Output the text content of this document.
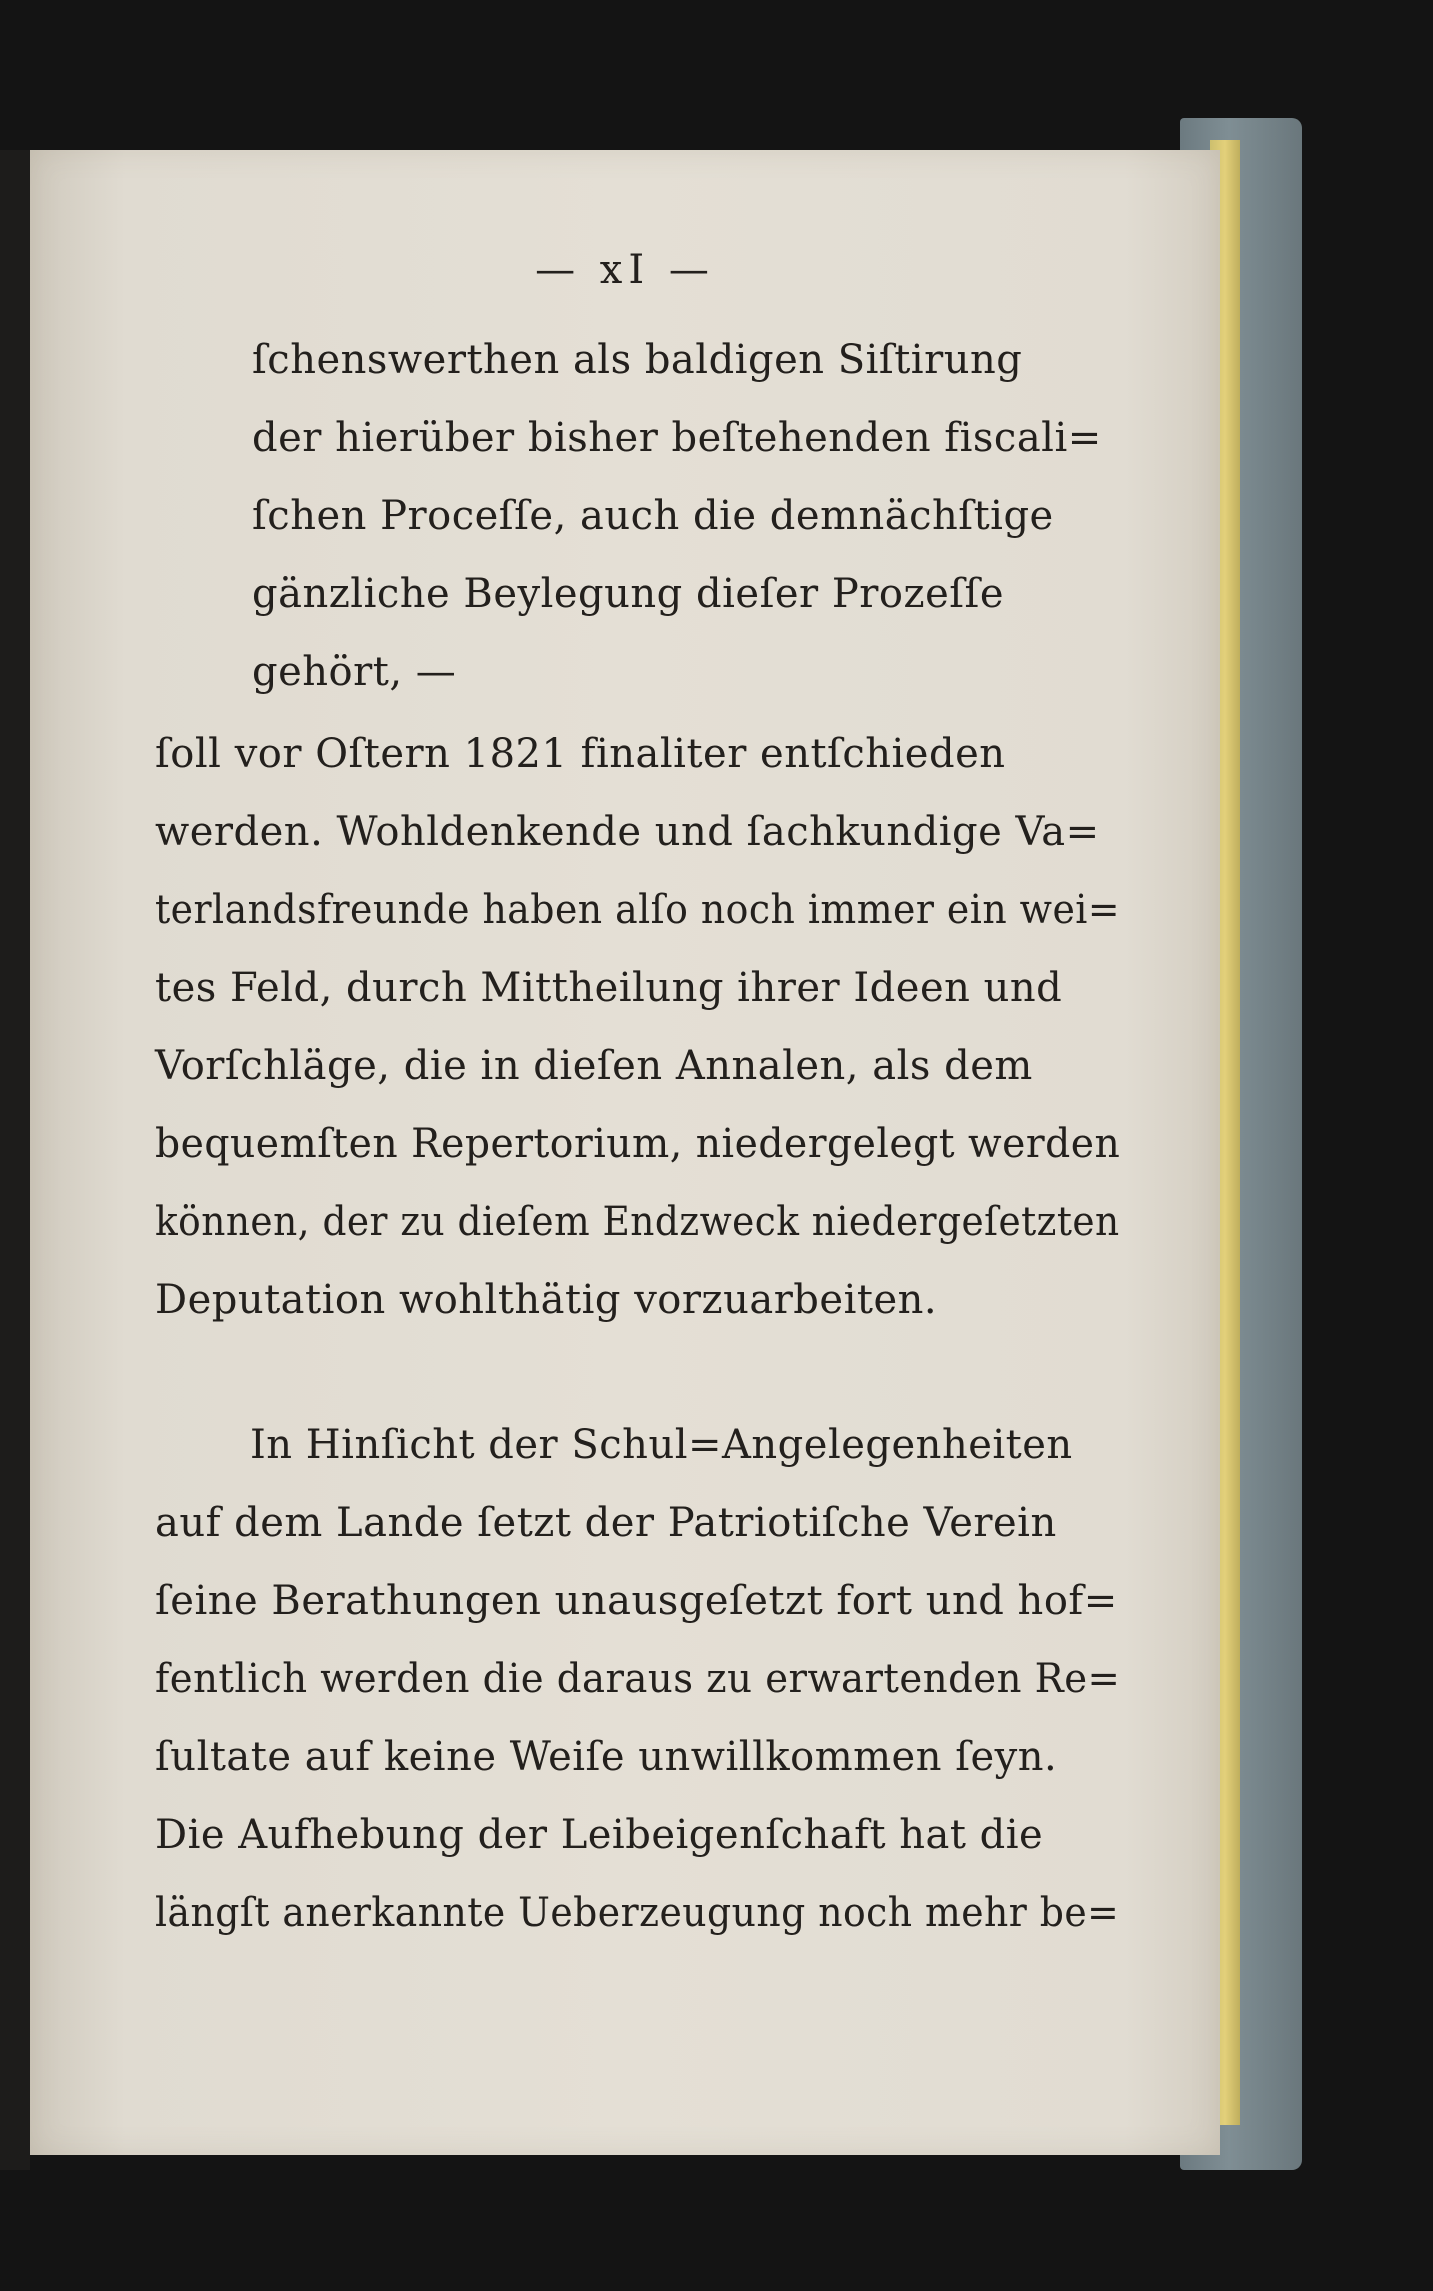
— xI —

ſchenswerthen als baldigen Siſtirung

der hierüber bisher beſtehenden fiscali=

ſchen Proceſſe, auch die demnächſtige

gänzliche Beylegung dieſer Prozeſſe

gehört, —

ſoll vor Oſtern 1821 finaliter entſchieden

werden. Wohldenkende und ſachkundige Va=

terlandsfreunde haben alſo noch immer ein wei=

tes Feld, durch Mittheilung ihrer Ideen und

Vorſchläge, die in dieſen Annalen, als dem

bequemſten Repertorium, niedergelegt werden

können, der zu dieſem Endzweck niedergeſetzten

Deputation wohlthätig vorzuarbeiten.

In Hinſicht der Schul=Angelegenheiten

auf dem Lande ſetzt der Patriotiſche Verein

ſeine Berathungen unausgeſetzt fort und hof=

fentlich werden die daraus zu erwartenden Re=

ſultate auf keine Weiſe unwillkommen ſeyn.

Die Aufhebung der Leibeigenſchaft hat die

längſt anerkannte Ueberzeugung noch mehr be=
